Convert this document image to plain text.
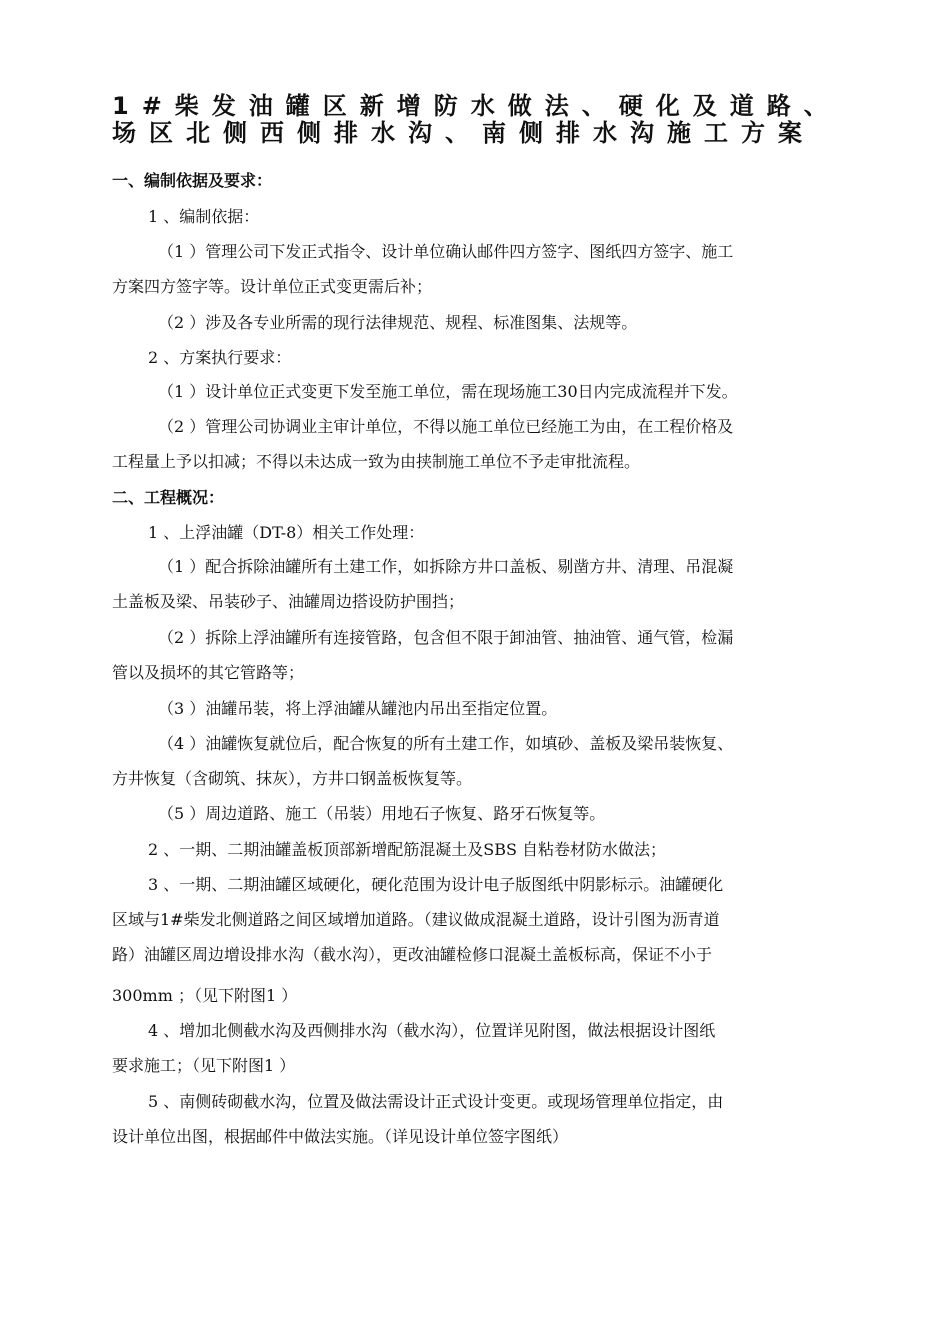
1#柴发油罐区新增防水做法、硬化及道路、
场区北侧西侧排水沟、南侧排水沟施工方案
一、编制依据及要求：
1 、编制依据：
（1 ）管理公司下发正式指令、设计单位确认邮件四方签字、图纸四方签字、施工
方案四方签字等。设计单位正式变更需后补；
（2 ）涉及各专业所需的现行法律规范、规程、标准图集、法规等。
2 、方案执行要求：
（1 ）设计单位正式变更下发至施工单位，需在现场施工30日内完成流程并下发。
（2 ）管理公司协调业主审计单位，不得以施工单位已经施工为由，在工程价格及
工程量上予以扣减；不得以未达成一致为由挟制施工单位不予走审批流程。
二、工程概况：
1 、上浮油罐（DT-8）相关工作处理：
（1 ）配合拆除油罐所有土建工作，如拆除方井口盖板、剔凿方井、清理、吊混凝
土盖板及梁、吊装砂子、油罐周边搭设防护围挡；
（2 ）拆除上浮油罐所有连接管路，包含但不限于卸油管、抽油管、通气管，检漏
管以及损坏的其它管路等；
（3 ）油罐吊装，将上浮油罐从罐池内吊出至指定位置。
（4 ）油罐恢复就位后，配合恢复的所有土建工作，如填砂、盖板及梁吊装恢复、
方井恢复（含砌筑、抹灰），方井口钢盖板恢复等。
（5 ）周边道路、施工（吊装）用地石子恢复、路牙石恢复等。
2 、一期、二期油罐盖板顶部新增配筋混凝土及SBS 自粘卷材防水做法；
3 、一期、二期油罐区域硬化，硬化范围为设计电子版图纸中阴影标示。油罐硬化
区域与1#柴发北侧道路之间区域增加道路。（建议做成混凝土道路，设计引图为沥青道
路）油罐区周边增设排水沟（截水沟），更改油罐检修口混凝土盖板标高，保证不小于
300mm ；（见下附图1 ）
4 、增加北侧截水沟及西侧排水沟（截水沟），位置详见附图，做法根据设计图纸
要求施工；（见下附图1 ）
5 、南侧砖砌截水沟，位置及做法需设计正式设计变更。或现场管理单位指定，由
设计单位出图，根据邮件中做法实施。（详见设计单位签字图纸）
